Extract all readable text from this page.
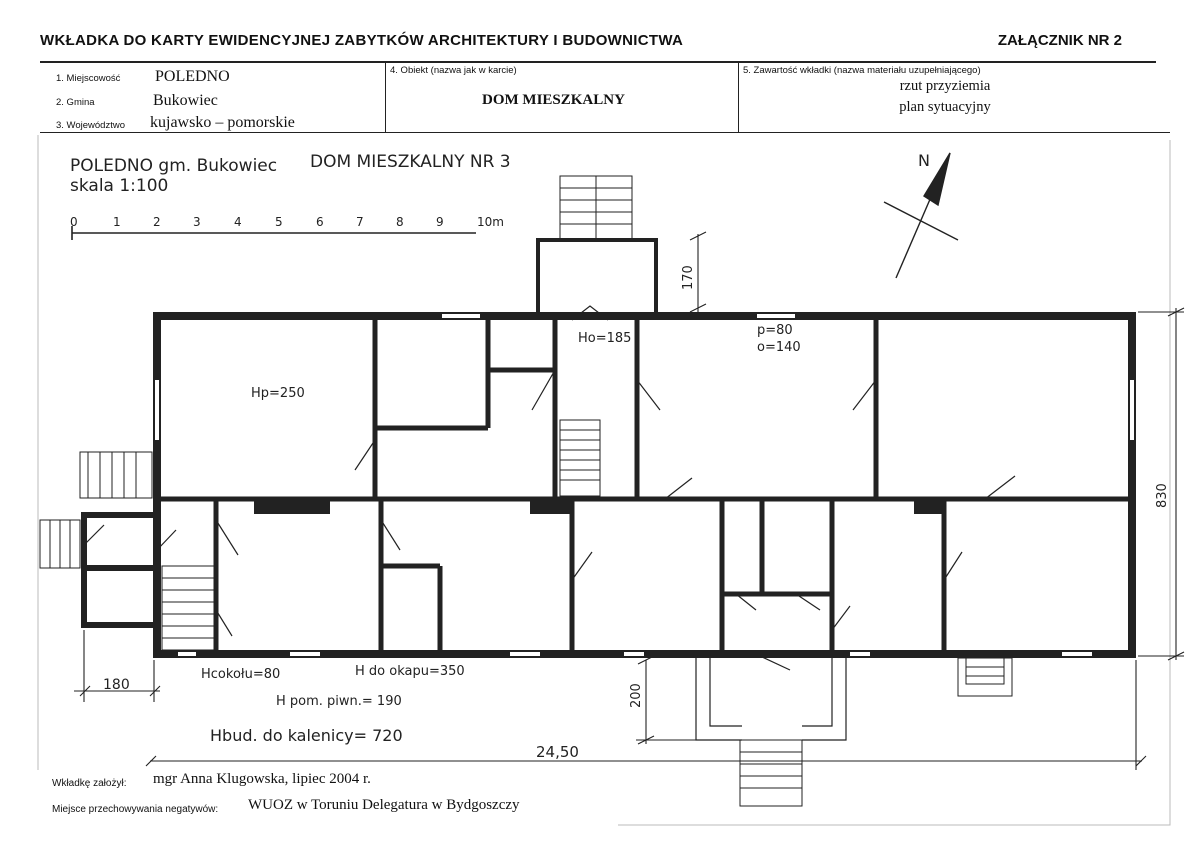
WKŁADKA DO KARTY EWIDENCYJNEJ ZABYTKÓW ARCHITEKTURY I BUDOWNICTWA	ZAŁĄCZNIK NR 2
1. Miejscowość POLEDNO
2. Gmina	Bukowiec
3. Województwo kujawsko – pomorskie
4. Obiekt (nazwa jak w karcie)
DOM MIESZKALNY
5. Zawartość wkładki (nazwa materiału uzupełniającego)
rzut przyziemia
plan sytuacyjny
POLEDNO gm. Bukowiec
skala 1:100
DOM MIESZKALNY NR 3
0	1	2	3	4	5	6	7	8	9	10m
N
170
830
200
180
24,50
Hp=250
Ho=185
p=80
o=140
Hcokołu=80	H do okapu=350
H pom. piwn.= 190
Hbud. do kalenicy= 720
Wkładkę założył: mgr Anna Klugowska, lipiec 2004 r.
Miejsce przechowywania negatywów: WUOZ w Toruniu Delegatura w Bydgoszczy
